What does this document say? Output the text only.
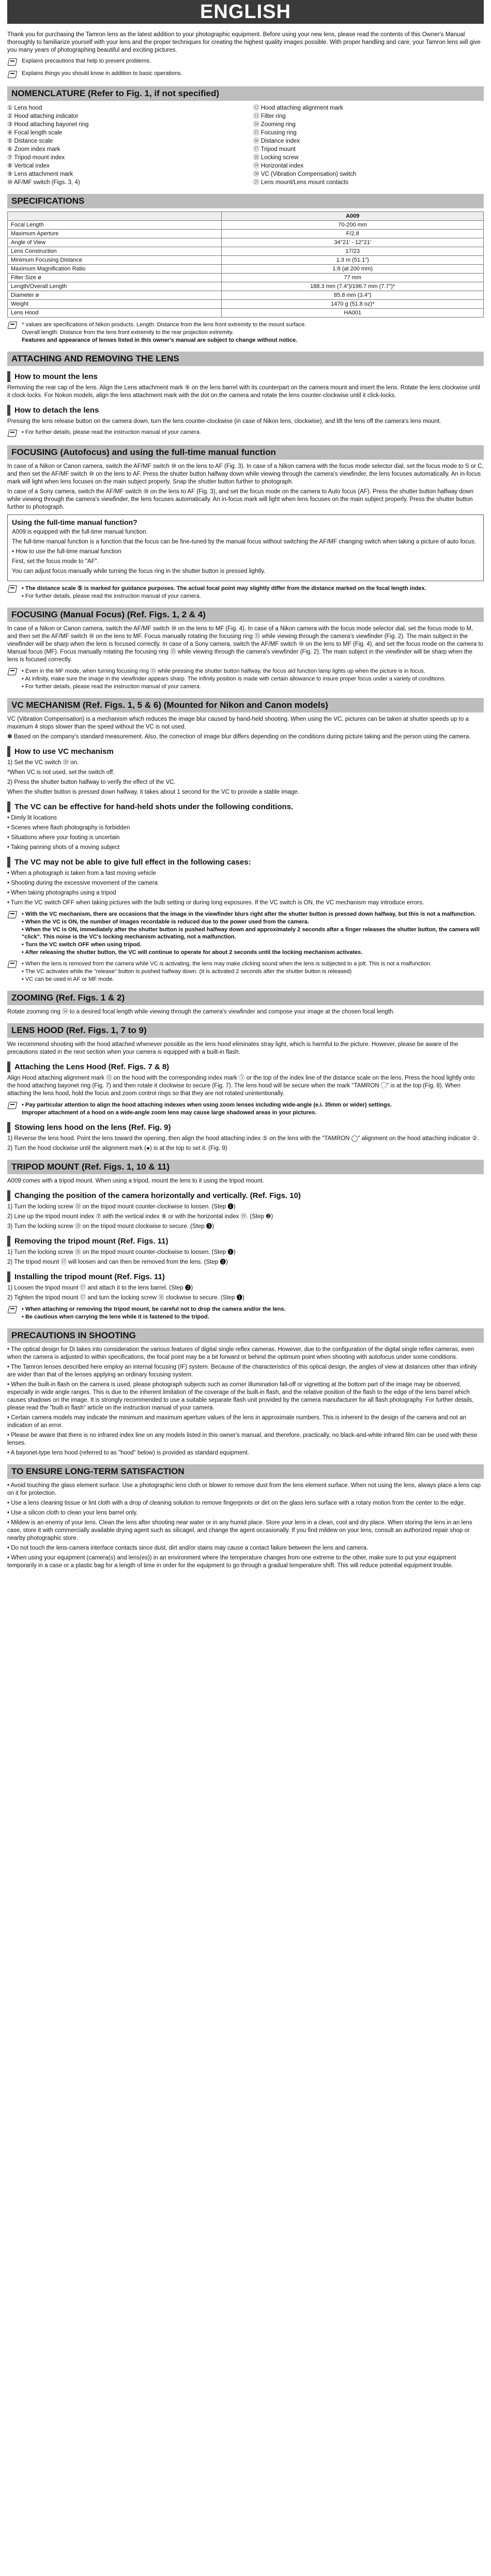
ENGLISH

Thank you for purchasing the Tamron lens as the latest addition to your photographic equipment. Before using your new lens, please read the contents of this Owner's Manual thoroughly to familiarize yourself with your lens and the proper techniques for creating the highest quality images possible. With proper handling and care, your Tamron lens will give you many years of photographing beautiful and exciting pictures.

Explains precautions that help to prevent problems.
Explains things you should know in addition to basic operations.
NOMENCLATURE (Refer to Fig. 1, if not specified)
① Lens hood	⑫ Hood attaching alignment mark
② Hood attaching indicator	⑬ Filter ring
③ Hood attaching bayonet ring	⑭ Zooming ring
④ Focal length scale	⑮ Focusing ring
⑤ Distance scale	⑯ Distance index
⑥ Zoom index mark	⑰ Tripod mount
⑦ Tripod mount index	⑱ Locking screw
⑧ Vertical index	⑲ Horizontal index
⑨ Lens attachment mark	⑳ VC (Vibration Compensation) switch
⑩ AF/MF switch (Figs. 3, 4)	㉑ Lens mount/Lens mount contacts
SPECIFICATIONS
	A009
Focal Length	70-200 mm
Maximum Aperture	F/2.8
Angle of View	34°21' - 12°21'
Lens Construction	17/23
Minimum Focusing Distance	1.3 m (51.1")
Maximum Magnification Ratio	1:8 (at 200 mm)
Filter Size ø	77 mm
Length/Overall Length	188.3 mm (7.4")/196.7 mm (7.7")*
Diameter ø	85.8 mm (3.4")
Weight	1470 g (51.8 oz)*
Lens Hood	HA001
* values are specifications of Nikon products. Length: Distance from the lens front extremity to the mount surface.
Overall length: Distance from the lens front extremity to the rear projection extremity.
Features and appearance of lenses listed in this owner's manual are subject to change without notice.
ATTACHING AND REMOVING THE LENS
How to mount the lens

Removing the rear cap of the lens. Align the Lens attachment mark ⑨ on the lens barrel with its counterpart on the camera mount and insert the lens. Rotate the lens clockwise until it clock-locks. For Nokon models, align the lens attachment mark with the dot on the camera and rotate the lens counter-clockwise until it click-locks.

How to detach the lens

Pressing the lens release button on the camera down, turn the lens counter-clockwise (in case of Nikon lens, clockwise), and lift the lens off the camera's lens mount.

• For further details, please read the instruction manual of your camera.
FOCUSING (Autofocus) and using the full-time manual function

In case of a Nikon or Canon camera, switch the AF/MF switch ⑩ on the lens to AF (Fig. 3). In case of a Nikon camera with the focus mode selector dial, set the focus mode to S or C, and then set the AF/MF switch ⑩ on the lens to AF. Press the shutter button halfway down while viewing through the camera's viewfinder, the lens focuses automatically. An in-focus mark will light when lens focuses on the main subject properly. Snap the shutter button further to photograph.

In case of a Sony camera, switch the AF/MF switch ⑩ on the lens to AF (Fig. 3), and set the focus mode on the camera to Auto focus (AF). Press the shutter button halfway down while viewing through the camera's viewfinder, the lens focuses automatically. An in-focus mark will light when lens focuses on the main subject properly. Press the shutter button further to photograph.

Using the full-time manual function?

A009 is equipped with the full-time manual function.

The full-time manual function is a function that the focus can be fine-tuned by the manual focus without switching the AF/MF changing switch when taking a picture of auto focus.

• How to use the full-time manual function

First, set the focus mode to "AF".

You can adjust focus manually while turning the focus ring in the shutter button is pressed lightly.

• The distance scale ⑤ is marked for guidance purposes. The actual focal point may slightly differ from the distance marked on the focal length index.
• For further details, please read the instruction manual of your camera.
FOCUSING (Manual Focus) (Ref. Figs. 1, 2 & 4)

In case of a Nikon or Canon camera, switch the AF/MF switch ⑩ on the lens to MF (Fig. 4). In case of a Nikon camera with the focus mode selector dial, set the focus mode to M, and then set the AF/MF switch ⑩ on the lens to MF. Focus manually rotating the focusing ring ⑮ while viewing through the camera's viewfinder (Fig. 2). The main subject in the viewfinder will be sharp when the lens is focused correctly. In case of a Sony camera, switch the AF/MF switch ⑩ on the lens to MF (Fig. 4), and set the focus mode on the camera to Manual focus (MF). Focus manually rotating the focusing ring ⑮ while viewing through the camera's viewfinder (Fig. 2). The main subject in the viewfinder will be sharp when the lens is focused correctly.

• Even in the MF mode, when turning focusing ring ⑮ while pressing the shutter button halfway, the focus aid function lamp lights up when the picture is in focus.
• At infinity, make sure the image in the viewfinder appears sharp. The infinity position is made with certain allowance to insure proper focus under a variety of conditions.
• For further details, please read the instruction manual of your camera.
VC MECHANISM (Ref. Figs. 1, 5 & 6) (Mounted for Nikon and Canon models)

VC (Vibration Compensation) is a mechanism which reduces the image blur caused by hand-held shooting. When using the VC, pictures can be taken at shutter speeds up to a maximum 4 stops slower than the speed without the VC is not used.

✽ Based on the company's standard measurement. Also, the correction of image blur differs depending on the conditions during picture taking and the person using the camera.

How to use VC mechanism

1) Set the VC switch ⑳ on.

*When VC is not used, set the switch off.

2) Press the shutter button halfway to verify the effect of the VC.

When the shutter button is pressed down halfway, it takes about 1 second for the VC to provide a stable image.

The VC can be effective for hand-held shots under the following conditions.

• Dimly lit locations

• Scenes where flash photography is forbidden

• Situations where your footing is uncertain

• Taking panning shots of a moving subject

The VC may not be able to give full effect in the following cases:

• When a photograph is taken from a fast moving vehicle

• Shooting during the excessive movement of the camera

• When taking photographs using a tripod

• Turn the VC switch OFF when taking pictures with the bulb setting or during long exposures. If the VC switch is ON, the VC mechanism may introduce errors.

• With the VC mechanism, there are occasions that the image in the viewfinder blurs right after the shutter button is pressed down halfway, but this is not a malfunction.
• When the VC is ON, the number of images recordable is reduced due to the power used from the camera.
• When the VC is ON, immediately after the shutter button is pushed halfway down and approximately 2 seconds after a finger releases the shutter button, the camera will "click". This noise is the VC's locking mechanism activating, not a malfunction.
• Turn the VC switch OFF when using tripod.
• After releasing the shutter button, the VC will continue to operate for about 2 seconds until the locking mechanism activates.
• When the lens is removed from the camera while VC is activating, the lens may make clicking sound when the lens is subjected to a jolt. This is not a malfunction.
• The VC activates while the "release" button is pushed halfway down. (It is activated 2 seconds after the shutter button is released)
• VC can be used in AF or MF mode.
ZOOMING (Ref. Figs. 1 & 2)

Rotate zooming ring ⑭ to a desired focal length while viewing through the camera's viewfinder and compose your image at the chosen focal length.

LENS HOOD (Ref. Figs. 1, 7 to 9)

We recommend shooting with the hood attached whenever possible as the lens hood eliminates stray light, which is harmful to the picture. However, please be aware of the precautions stated in the next section when your camera is equipped with a built-in flash.

Attaching the Lens Hood (Ref. Figs. 7 & 8)

Align Hood attaching alignment mark ⑫ on the hood with the corresponding index mark ⑤ or the top of the index line of the distance scale on the lens. Press the hood lightly onto the hood attaching bayonet ring (Fig. 7) and then rotate it clockwise to secure (Fig. 7). The lens hood will be secure when the mark "TAMRON ◯" is at the top (Fig. 8). When attaching the lens hood, hold the focus and zoom control rings so that they are not rotated unintentionally.

• Pay particular attention to align the hood attaching indexes when using zoom lenses including wide-angle (e.i. 35mm or wider) settings.
Improper attachment of a hood on a wide-angle zoom lens may cause large shadowed areas in your pictures.
Stowing lens hood on the lens (Ref. Fig. 9)

1) Reverse the lens hood. Point the lens toward the opening, then align the hood attaching index ⑤ on the lens with the "TAMRON ◯" alignment on the hood attaching indicator ②.

2) Turn the hood clockwise until the alignment mark (●) is at the top to set it. (Fig. 9)

TRIPOD MOUNT (Ref. Figs. 1, 10 & 11)

A009 comes with a tripod mount. When using a tripod, mount the lens to it using the tripod mount.

Changing the position of the camera horizontally and vertically. (Ref. Figs. 10)

1) Turn the locking screw ⑱ on the tripod mount counter-clockwise to loosen. (Step ❶)

2) Line up the tripod mount index ⑦ with the vertical index ⑧ or with the horizontal index ⑲. (Step ❷)

3) Turn the locking screw ⑱ on the tripod mount clockwise to secure. (Step ❸)

Removing the tripod mount (Ref. Figs. 11)

1) Turn the locking screw ⑱ on the tripod mount counter-clockwise to loosen. (Step ❶)

2) The tripod mount ⑰ will loosen and can then be removed from the lens. (Step ❷)

Installing the tripod mount (Ref. Figs. 11)

1) Loosen the tripod mount ⑰ and attach it to the lens barrel. (Step ❷)

2) Tighten the tripod mount ⑰ and turn the locking screw ⑱ clockwise to secure. (Step ❶)

• When attaching or removing the tripod mount, be careful not to drop the camera and/or the lens.
• Be cautious when carrying the lens while it is fastened to the tripod.
PRECAUTIONS IN SHOOTING

• The optical design for Di takes into consideration the various features of digital single reflex cameras. However, due to the configuration of the digital single reflex cameras, even when the camera is adjusted to within specifications, the focal point may be a bit forward or behind the optimum point when shooting with autofocus under some conditions.

• The Tamron lenses described here employ an internal focusing (IF) system. Because of the characteristics of this optical design, the angles of view at distances other than infinity are wider than that of the lenses applying an ordinary focusing system.

• When the built-in flash on the camera is used, please photograph subjects such as corner illumination fall-off or vignetting at the bottom part of the image may be observed, especially in wide angle ranges. This is due to the inherent limitation of the coverage of the built-in flash, and the relative position of the flash to the edge of the lens barrel which causes shadows on the image. It is strongly recommended to use a suitable separate flash unit provided by the camera manufacturer for all flash photography. For further details, please read the "built-in flash" article on the instruction manual of your camera.

• Certain camera models may indicate the minimum and maximum aperture values of the lens in approximate numbers. This is inherent to the design of the camera and not an indication of an error.

• Please be aware that there is no infrared index line on any models listed in this owner's manual, and therefore, practically, no black-and-white infrared film can be used with these lenses.

• A bayonet-type lens hood (referred to as "hood" below) is provided as standard equipment.

TO ENSURE LONG-TERM SATISFACTION

• Avoid touching the glass element surface. Use a photographic lens cloth or blower to remove dust from the lens element surface. When not using the lens, always place a lens cap on it for protection.

• Use a lens cleaning tissue or lint cloth with a drop of cleaning solution to remove fingerprints or dirt on the glass lens surface with a rotary motion from the center to the edge.

• Use a silicon cloth to clean your lens barrel only.

• Mildew is an enemy of your lens. Clean the lens after shooting near water or in any humid place. Store your lens in a clean, cool and dry place. When storing the lens in an lens case, store it with commercially available drying agent such as silicagel, and change the agent occasionally. If you find mildew on your lens, consult an authorized repair shop or nearby photographic store.

• Do not touch the lens-camera interface contacts since dust, dirt and/or stains may cause a contact failure between the lens and camera.

• When using your equipment (camera(s) and lens(es)) in an environment where the temperature changes from one extreme to the other, make sure to put your equipment temporarily in a case or a plastic bag for a length of time in order for the equipment to go through a gradual temperature shift. This will reduce potential equipment trouble.
